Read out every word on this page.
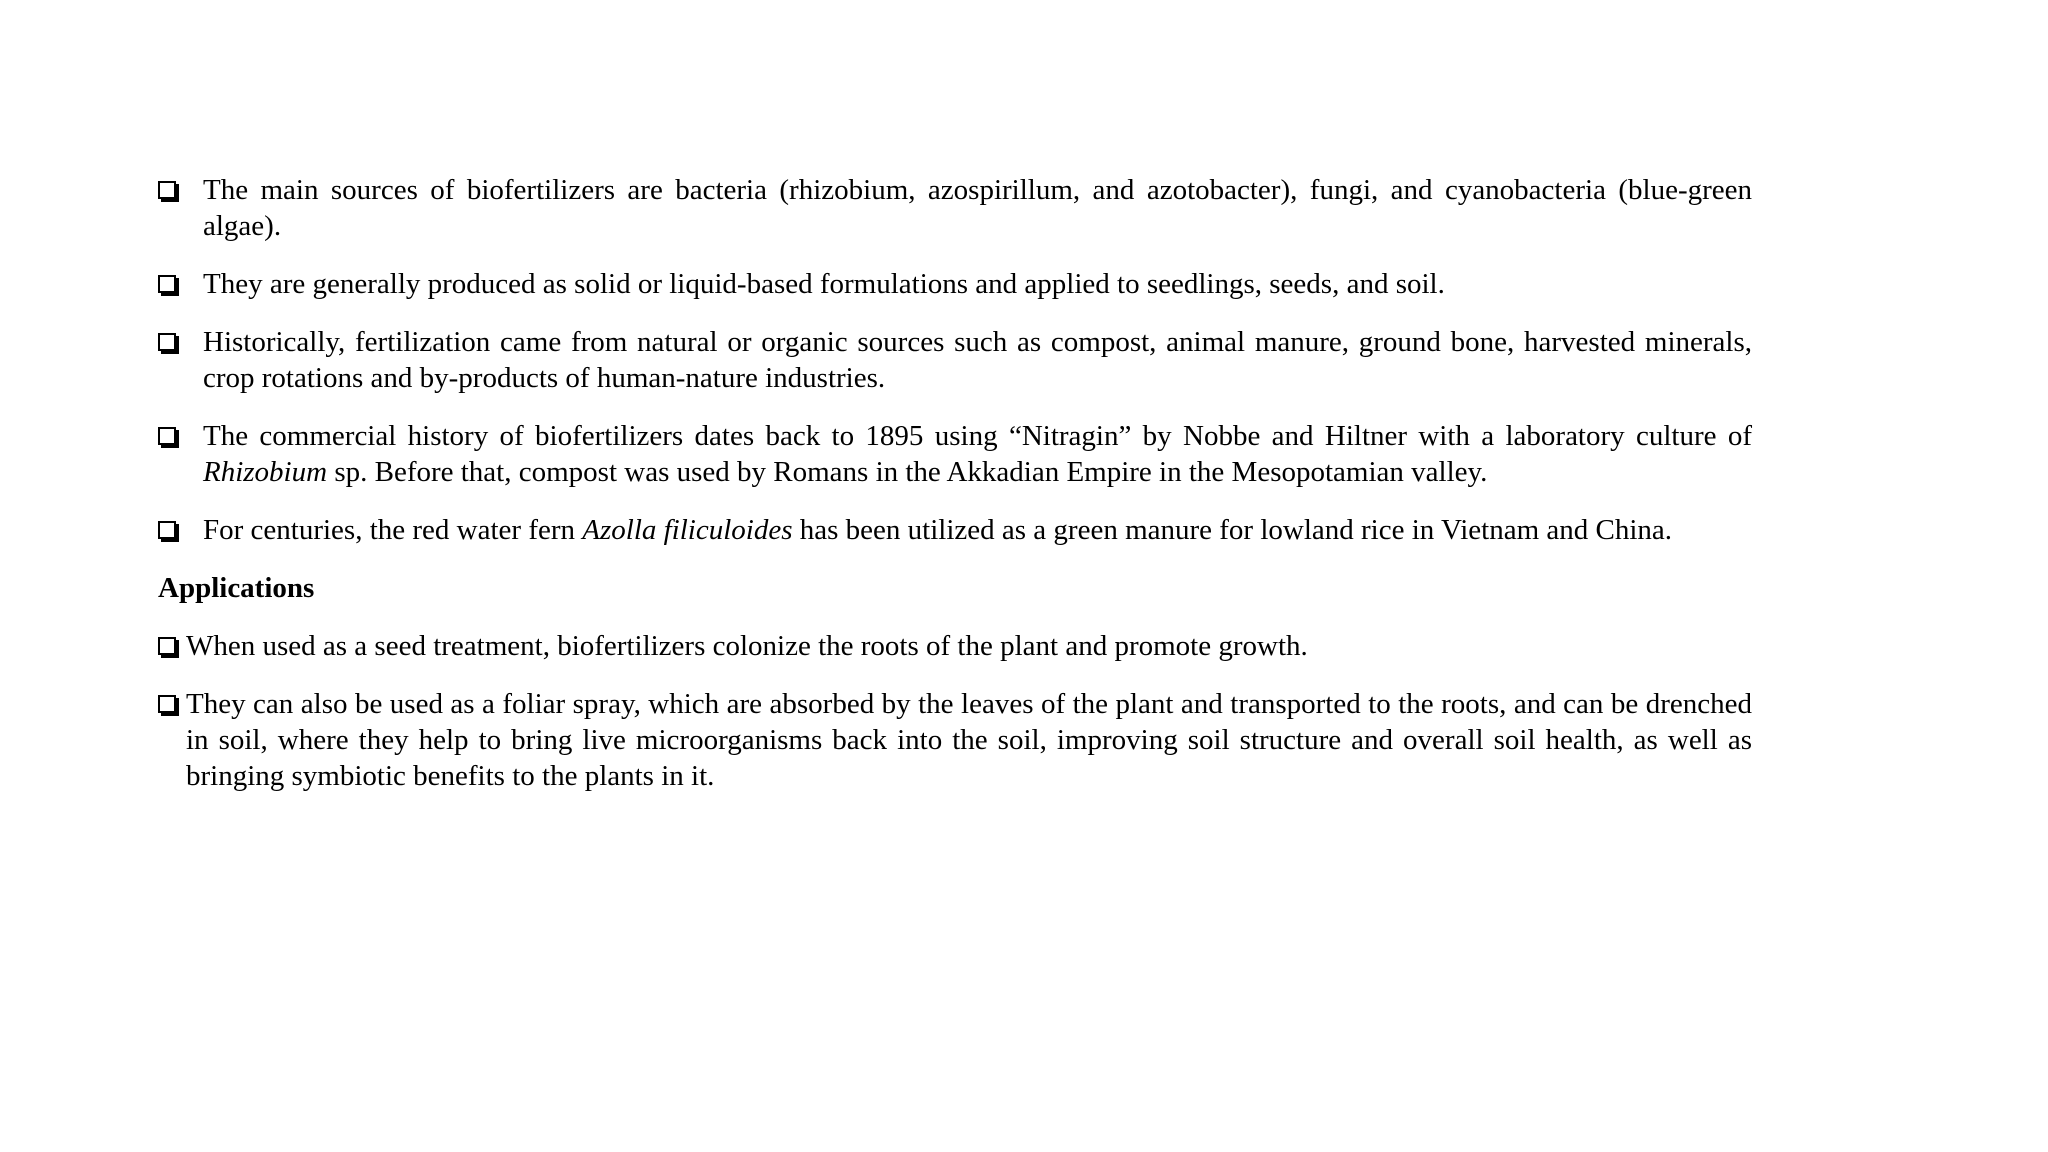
The main sources of biofertilizers are bacteria (rhizobium, azospirillum, and azotobacter), fungi, and cyanobacteria (blue-green algae).
They are generally produced as solid or liquid-based formulations and applied to seedlings, seeds, and soil.
Historically, fertilization came from natural or organic sources such as compost, animal manure, ground bone, harvested minerals, crop rotations and by-products of human-nature industries.
The commercial history of biofertilizers dates back to 1895 using “Nitragin” by Nobbe and Hiltner with a laboratory culture of Rhizobium sp. Before that, compost was used by Romans in the Akkadian Empire in the Mesopotamian valley.
For centuries, the red water fern Azolla filiculoides has been utilized as a green manure for lowland rice in Vietnam and China.
Applications
When used as a seed treatment, biofertilizers colonize the roots of the plant and promote growth.
They can also be used as a foliar spray, which are absorbed by the leaves of the plant and transported to the roots, and can be drenched in soil, where they help to bring live microorganisms back into the soil, improving soil structure and overall soil health, as well as bringing symbiotic benefits to the plants in it.
